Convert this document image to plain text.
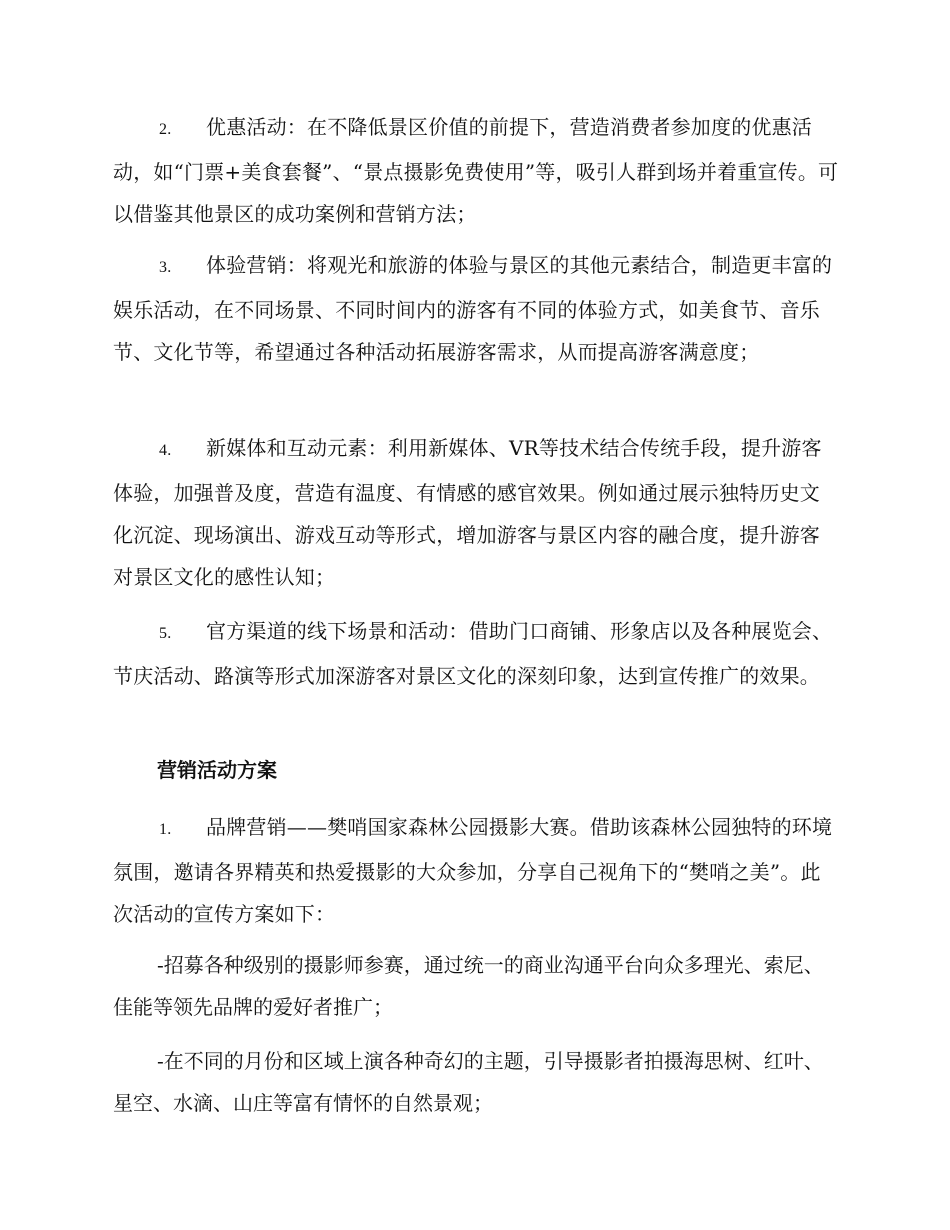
2. 优惠活动：在不降低景区价值的前提下，营造消费者参加度的优惠活动，如“门票+美食套餐”、“景点摄影免费使用”等，吸引人群到场并着重宣传。可以借鉴其他景区的成功案例和营销方法；
3. 体验营销：将观光和旅游的体验与景区的其他元素结合，制造更丰富的娱乐活动，在不同场景、不同时间内的游客有不同的体验方式，如美食节、音乐节、文化节等，希望通过各种活动拓展游客需求，从而提高游客满意度；
4. 新媒体和互动元素：利用新媒体、VR等技术结合传统手段，提升游客体验，加强普及度，营造有温度、有情感的感官效果。例如通过展示独特历史文化沉淀、现场演出、游戏互动等形式，增加游客与景区内容的融合度，提升游客对景区文化的感性认知；
5. 官方渠道的线下场景和活动：借助门口商铺、形象店以及各种展览会、节庆活动、路演等形式加深游客对景区文化的深刻印象，达到宣传推广的效果。
营销活动方案
1. 品牌营销——樊哨国家森林公园摄影大赛。借助该森林公园独特的环境氛围，邀请各界精英和热爱摄影的大众参加，分享自己视角下的“樊哨之美”。此次活动的宣传方案如下：
-招募各种级别的摄影师参赛，通过统一的商业沟通平台向众多理光、索尼、佳能等领先品牌的爱好者推广；
-在不同的月份和区域上演各种奇幻的主题，引导摄影者拍摄海思树、红叶、星空、水滴、山庄等富有情怀的自然景观；
